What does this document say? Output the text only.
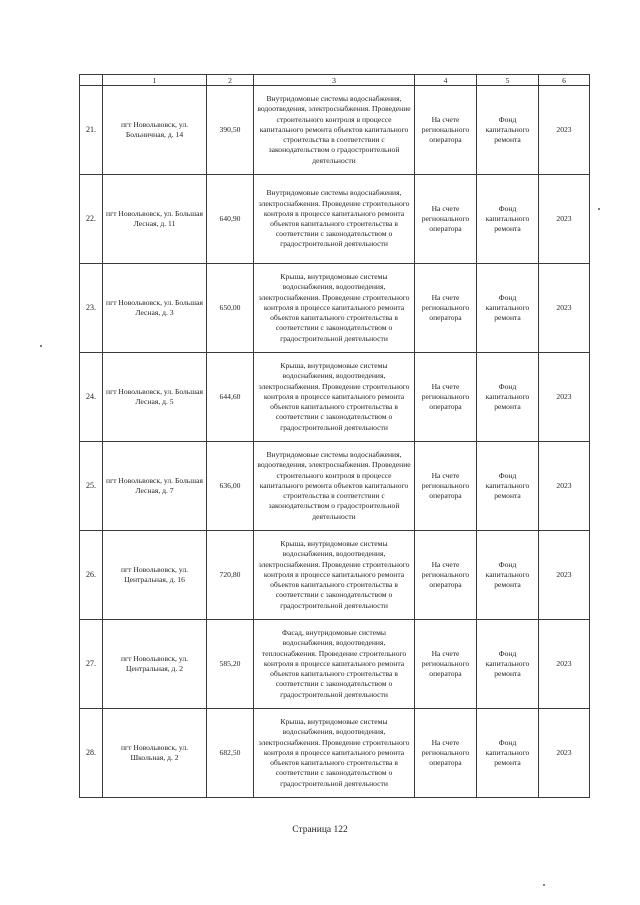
	1	2	3	4	5	6
21.	пгт Новольвовск, ул. Больничная, д. 14	390,50	Внутридомовые системы водоснабжения, водоотведения, электроснабжения. Проведение строительного контроля в процессе капитального ремонта объектов капитального строительства в соответствии с законодательством о градостроительной деятельности	На счете регионального оператора	Фонд капитального ремонта	2023
22.	пгт Новольвовск, ул. Большая Лесная, д. 11	640,90	Внутридомовые системы водоснабжения, электроснабжения. Проведение строительного контроля в процессе капитального ремонта объектов капитального строительства в соответствии с законодательством о градостроительной деятельности	На счете регионального оператора	Фонд капитального ремонта	2023
23.	пгт Новольвовск, ул. Большая Лесная, д. 3	650,00	Крыша, внутридомовые системы водоснабжения, водоотведения, электроснабжения. Проведение строительного контроля в процессе капитального ремонта объектов капитального строительства в соответствии с законодательством о градостроительной деятельности	На счете регионального оператора	Фонд капитального ремонта	2023
24.	пгт Новольвовск, ул. Большая Лесная, д. 5	644,60	Крыша, внутридомовые системы водоснабжения, водоотведения, электроснабжения. Проведение строительного контроля в процессе капитального ремонта объектов капитального строительства в соответствии с законодательством о градостроительной деятельности	На счете регионального оператора	Фонд капитального ремонта	2023
25.	пгт Новольвовск, ул. Большая Лесная, д. 7	636,00	Внутридомовые системы водоснабжения, водоотведения, электроснабжения. Проведение строительного контроля в процессе капитального ремонта объектов капитального строительства в соответствии с законодательством о градостроительной деятельности	На счете регионального оператора	Фонд капитального ремонта	2023
26.	пгт Новольвовск, ул. Центральная, д. 16	720,80	Крыша, внутридомовые системы водоснабжения, водоотведения, электроснабжения. Проведение строительного контроля в процессе капитального ремонта объектов капитального строительства в соответствии с законодательством о градостроительной деятельности	На счете регионального оператора	Фонд капитального ремонта	2023
27.	пгт Новольвовск, ул. Центральная, д. 2	585,20	Фасад, внутридомовые системы водоснабжения, водоотведения, теплоснабжения. Проведение строительного контроля в процессе капитального ремонта объектов капитального строительства в соответствии с законодательством о градостроительной деятельности	На счете регионального оператора	Фонд капитального ремонта	2023
28.	пгт Новольвовск, ул. Школьная, д. 2	682,50	Крыша, внутридомовые системы водоснабжения, водоотведения, электроснабжения. Проведение строительного контроля в процессе капитального ремонта объектов капитального строительства в соответствии с законодательством о градостроительной деятельности	На счете регионального оператора	Фонд капитального ремонта	2023
Страница 122
